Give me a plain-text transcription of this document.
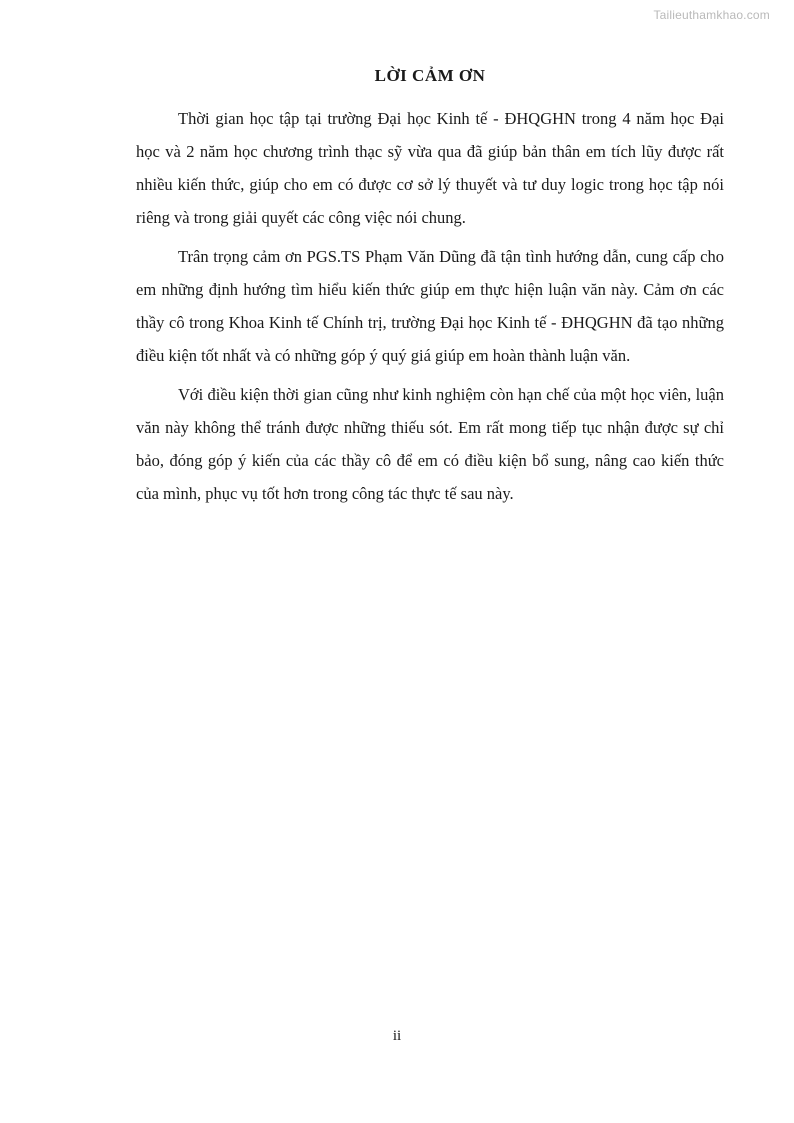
Tailieuthamkhao.com
LỜI CẢM ƠN

Thời gian học tập tại trường Đại học Kinh tế - ĐHQGHN trong 4 năm học Đại học và 2 năm học chương trình thạc sỹ vừa qua đã giúp bản thân em tích lũy được rất nhiều kiến thức, giúp cho em có được cơ sở lý thuyết và tư duy logic trong học tập nói riêng và trong giải quyết các công việc nói chung.

Trân trọng cảm ơn PGS.TS Phạm Văn Dũng đã tận tình hướng dẫn, cung cấp cho em những định hướng tìm hiểu kiến thức giúp em thực hiện luận văn này. Cảm ơn các thầy cô trong Khoa Kinh tế Chính trị, trường Đại học Kinh tế - ĐHQGHN đã tạo những điều kiện tốt nhất và có những góp ý quý giá giúp em hoàn thành luận văn.

Với điều kiện thời gian cũng như kinh nghiệm còn hạn chế của một học viên, luận văn này không thể tránh được những thiếu sót. Em rất mong tiếp tục nhận được sự chỉ bảo, đóng góp ý kiến của các thầy cô để em có điều kiện bổ sung, nâng cao kiến thức của mình, phục vụ tốt hơn trong công tác thực tế sau này.

ii
